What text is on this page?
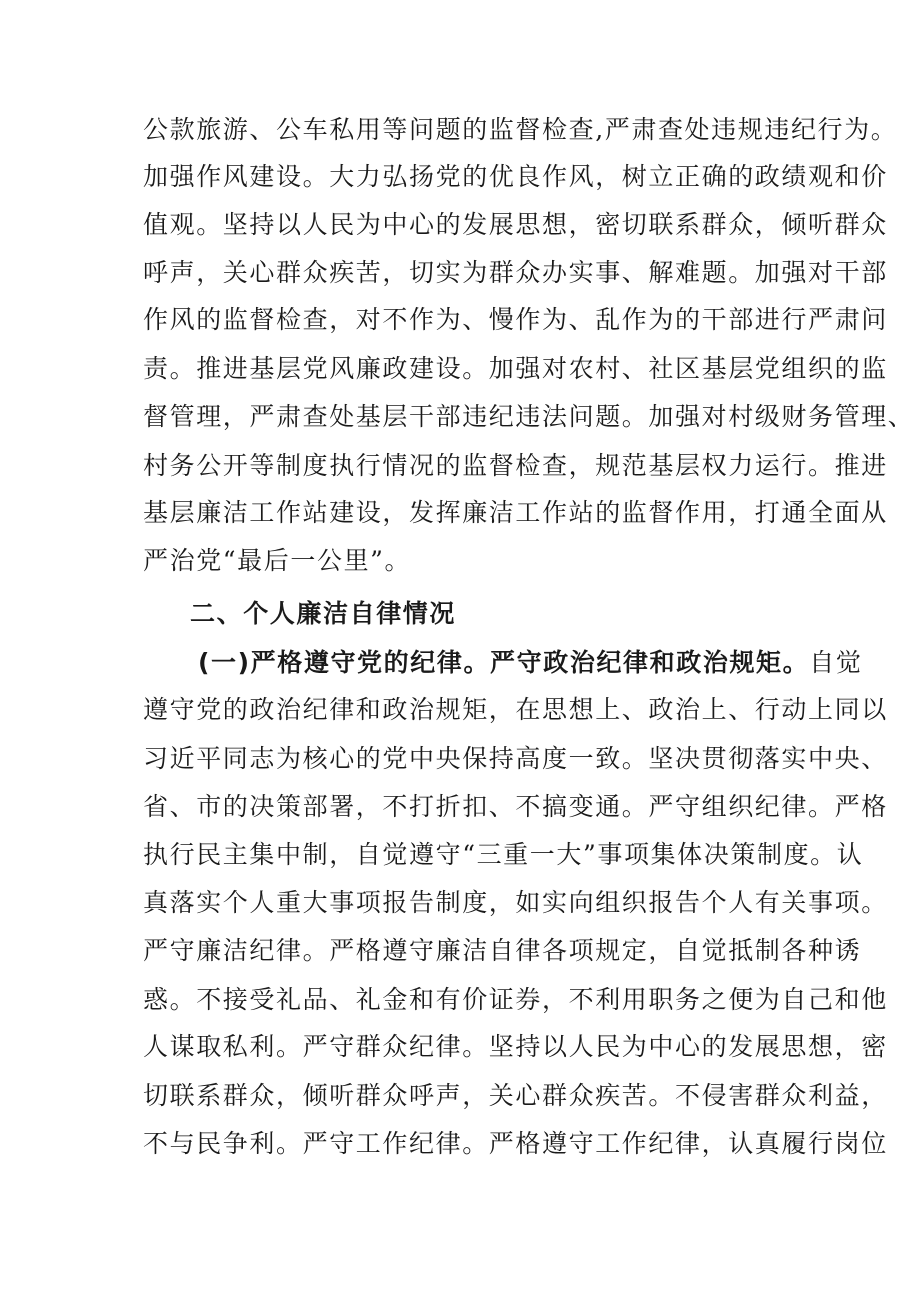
公款旅游、公车私用等问题的监督检查,严肃查处违规违纪行为。
加强作风建设。大力弘扬党的优良作风，树立正确的政绩观和价
值观。坚持以人民为中心的发展思想，密切联系群众，倾听群众
呼声，关心群众疾苦，切实为群众办实事、解难题。加强对干部
作风的监督检查，对不作为、慢作为、乱作为的干部进行严肃问
责。推进基层党风廉政建设。加强对农村、社区基层党组织的监
督管理，严肃查处基层干部违纪违法问题。加强对村级财务管理、
村务公开等制度执行情况的监督检查，规范基层权力运行。推进
基层廉洁工作站建设，发挥廉洁工作站的监督作用，打通全面从
严治党“最后一公里”。
二、个人廉洁自律情况
(一)严格遵守党的纪律。严守政治纪律和政治规矩。自觉
遵守党的政治纪律和政治规矩，在思想上、政治上、行动上同以
习近平同志为核心的党中央保持高度一致。坚决贯彻落实中央、
省、市的决策部署，不打折扣、不搞变通。严守组织纪律。严格
执行民主集中制，自觉遵守“三重一大”事项集体决策制度。认
真落实个人重大事项报告制度，如实向组织报告个人有关事项。
严守廉洁纪律。严格遵守廉洁自律各项规定，自觉抵制各种诱
惑。不接受礼品、礼金和有价证券，不利用职务之便为自己和他
人谋取私利。严守群众纪律。坚持以人民为中心的发展思想，密
切联系群众，倾听群众呼声，关心群众疾苦。不侵害群众利益，
不与民争利。严守工作纪律。严格遵守工作纪律，认真履行岗位
